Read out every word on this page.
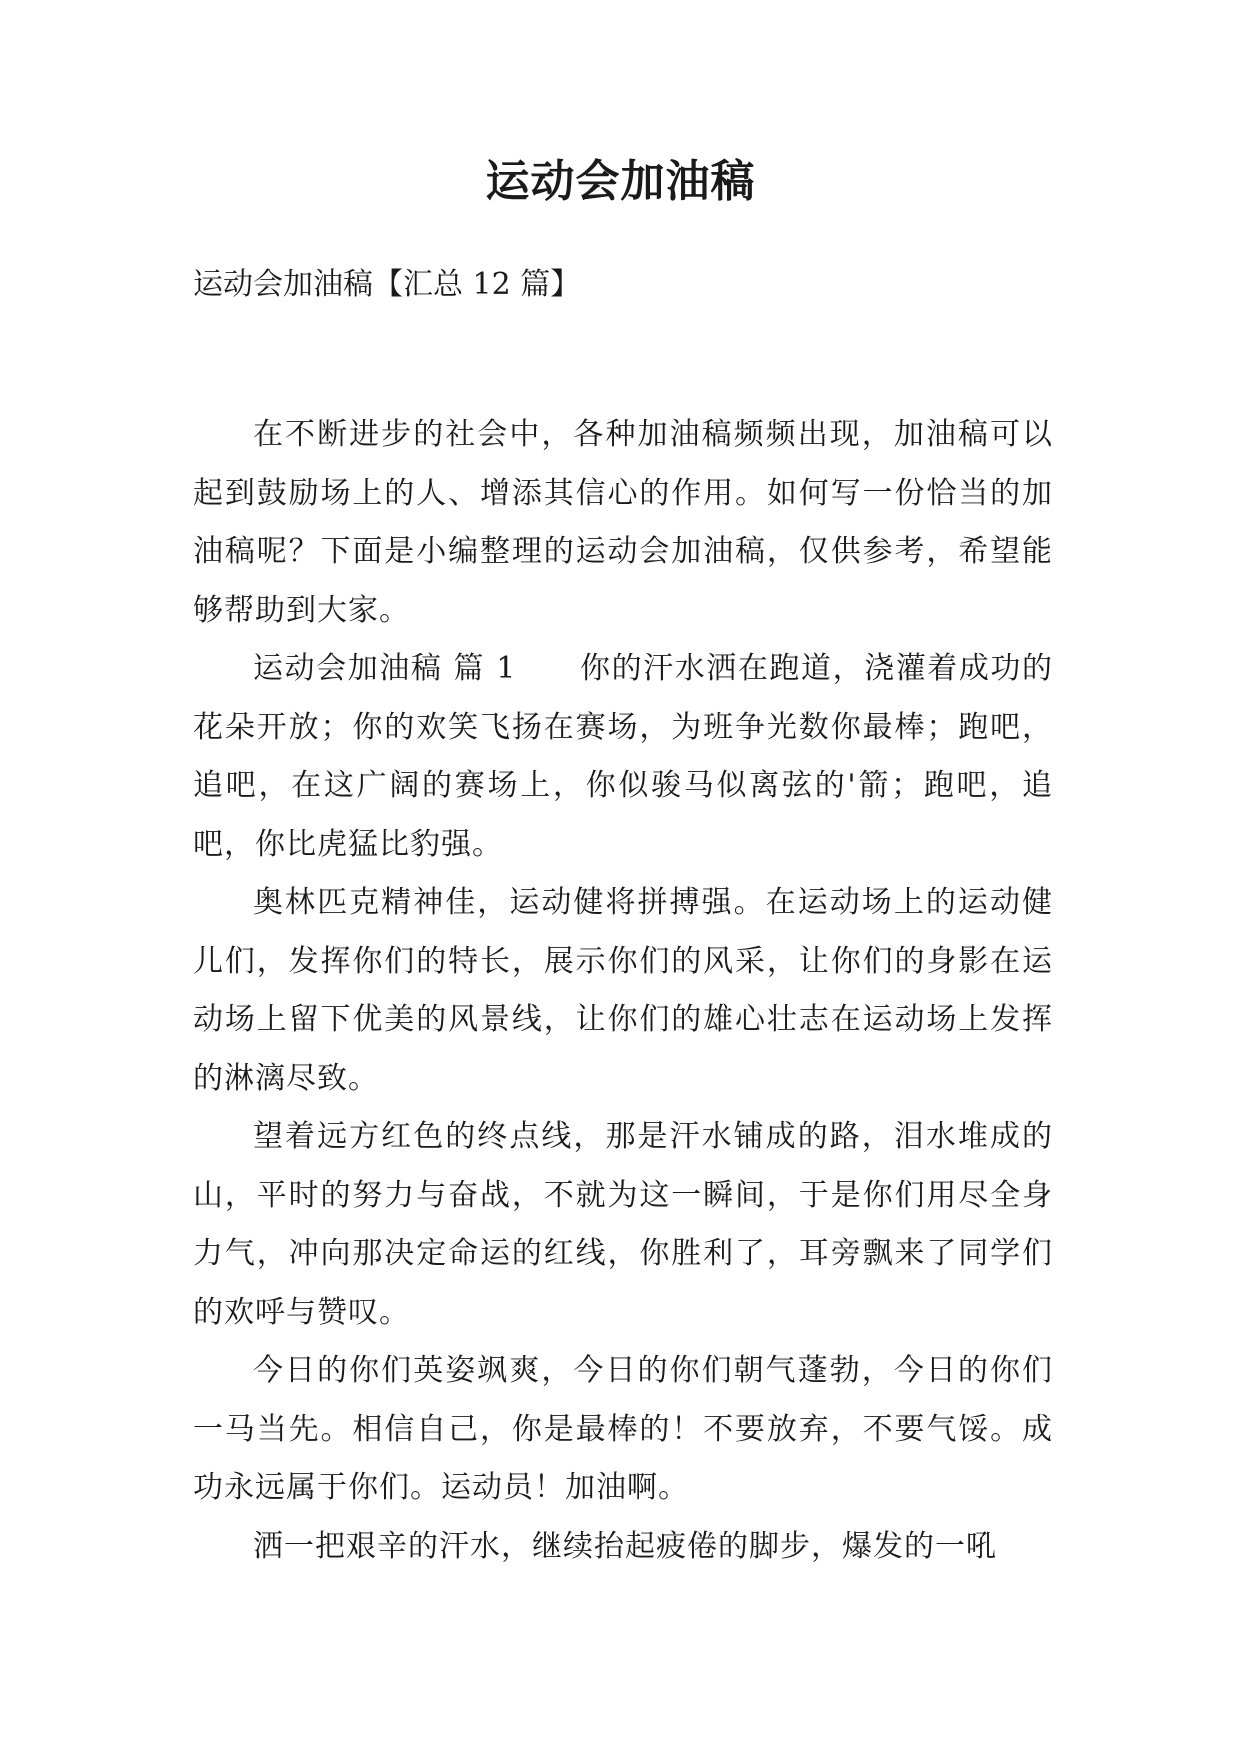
运动会加油稿

运动会加油稿【汇总 12 篇】

在不断进步的社会中，各种加油稿频频出现，加油稿可以起到鼓励场上的人、增添其信心的作用。如何写一份恰当的加油稿呢？下面是小编整理的运动会加油稿，仅供参考，希望能够帮助到大家。

运动会加油稿 篇 1　　你的汗水洒在跑道，浇灌着成功的花朵开放；你的欢笑飞扬在赛场，为班争光数你最棒；跑吧，追吧，在这广阔的赛场上，你似骏马似离弦的'箭；跑吧，追吧，你比虎猛比豹强。

奥林匹克精神佳，运动健将拼搏强。在运动场上的运动健儿们，发挥你们的特长，展示你们的风采，让你们的身影在运动场上留下优美的风景线，让你们的雄心壮志在运动场上发挥的淋漓尽致。

望着远方红色的终点线，那是汗水铺成的路，泪水堆成的山，平时的努力与奋战，不就为这一瞬间，于是你们用尽全身力气，冲向那决定命运的红线，你胜利了，耳旁飘来了同学们的欢呼与赞叹。

今日的你们英姿飒爽，今日的你们朝气蓬勃，今日的你们一马当先。相信自己，你是最棒的！不要放弃，不要气馁。成功永远属于你们。运动员！加油啊。

洒一把艰辛的汗水，继续抬起疲倦的脚步，爆发的一吼
